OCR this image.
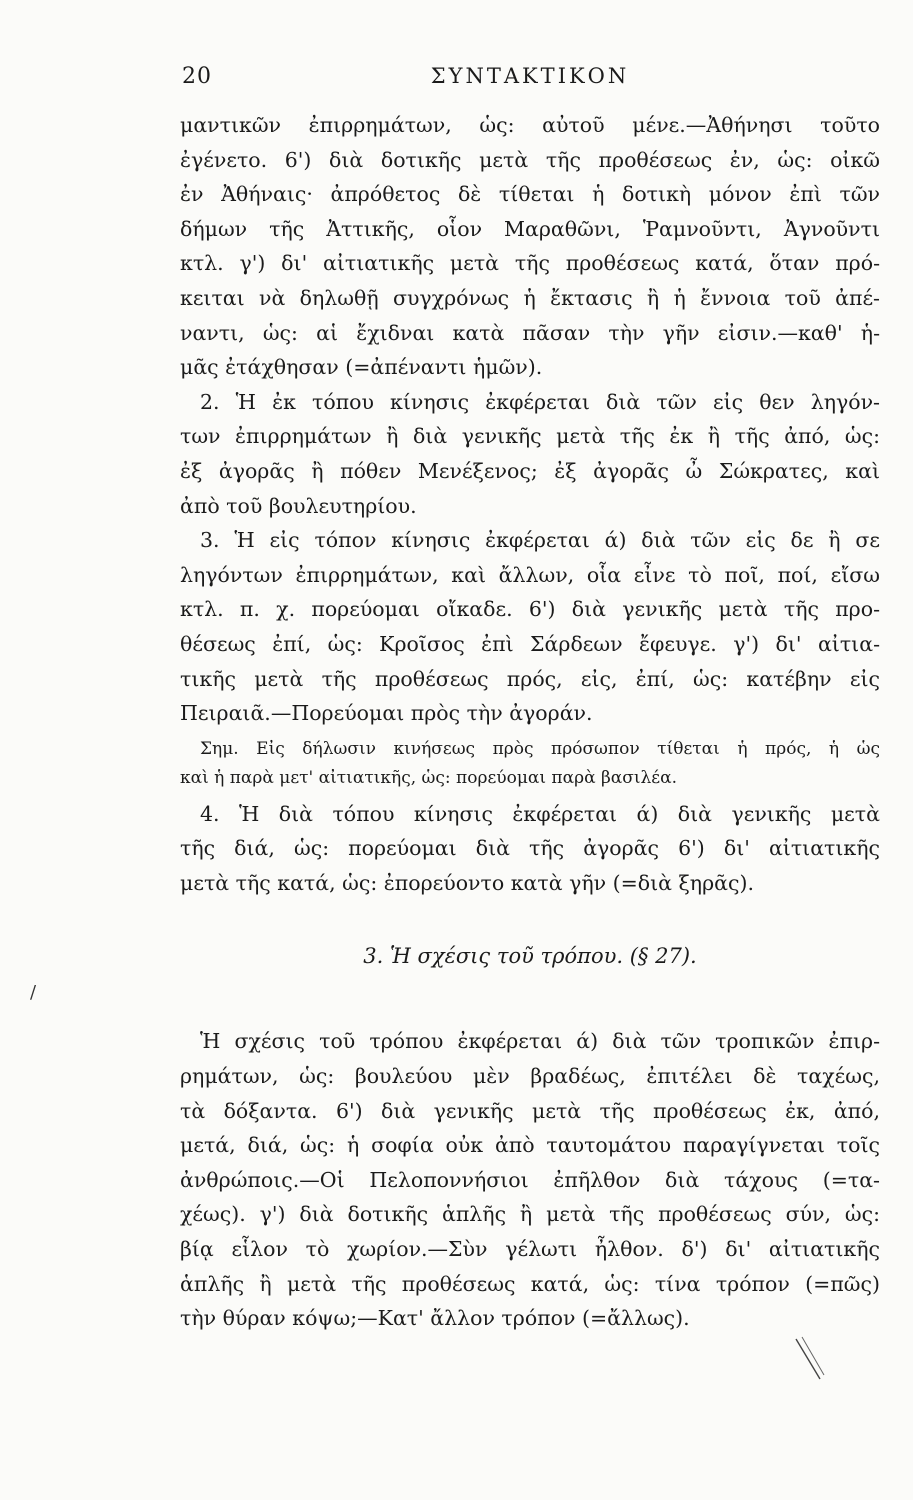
20	ΣΥΝΤΑΚΤΙΚΟΝ
/
μαντικῶν ἐπιρρημάτων, ὡς: αὐτοῦ μένε.—Ἀθήνησι τοῦτο
ἐγένετο. 6') διὰ δοτικῆς μετὰ τῆς προθέσεως ἐν, ὡς: οἰκῶ
ἐν Ἀθήναις· ἀπρόθετος δὲ τίθεται ἡ δοτικὴ μόνον ἐπὶ τῶν
δήμων τῆς Ἀττικῆς, οἷον Μαραθῶνι, Ῥαμνοῦντι, Ἀγνοῦντι
κτλ. γ') δι' αἰτιατικῆς μετὰ τῆς προθέσεως κατά, ὅταν πρό-
κειται νὰ δηλωθῇ συγχρόνως ἡ ἔκτασις ἢ ἡ ἔννοια τοῦ ἀπέ-
ναντι, ὡς: αἱ ἔχιδναι κατὰ πᾶσαν τὴν γῆν εἰσιν.—καθ' ἡ-
μᾶς ἐτάχθησαν (=ἀπέναντι ἡμῶν).
2. Ἡ ἐκ τόπου κίνησις ἐκφέρεται διὰ τῶν εἰς θεν ληγόν-
των ἐπιρρημάτων ἢ διὰ γενικῆς μετὰ τῆς ἐκ ἢ τῆς ἀπό, ὡς:
ἐξ ἀγορᾶς ἢ πόθεν Μενέξενος; ἐξ ἀγορᾶς ὦ Σώκρατες, καὶ
ἀπὸ τοῦ βουλευτηρίου.
3. Ἡ εἰς τόπον κίνησις ἐκφέρεται ά) διὰ τῶν εἰς δε ἢ σε
ληγόντων ἐπιρρημάτων, καὶ ἄλλων, οἷα εἶνε τὸ ποῖ, ποί, εἴσω
κτλ. π. χ. πορεύομαι οἴκαδε. 6') διὰ γενικῆς μετὰ τῆς προ-
θέσεως ἐπί, ὡς: Κροῖσος ἐπὶ Σάρδεων ἔφευγε. γ') δι' αἰτια-
τικῆς μετὰ τῆς προθέσεως πρός, εἰς, ἐπί, ὡς: κατέβην εἰς
Πειραιᾶ.—Πορεύομαι πρὸς τὴν ἀγοράν.
Σημ. Εἰς δήλωσιν κινήσεως πρὸς πρόσωπον τίθεται ἡ πρός, ἡ ὡς
καὶ ἡ παρὰ μετ' αἰτιατικῆς, ὡς: πορεύομαι παρὰ βασιλέα.
4. Ἡ διὰ τόπου κίνησις ἐκφέρεται ά) διὰ γενικῆς μετὰ
τῆς διά, ὡς: πορεύομαι διὰ τῆς ἀγορᾶς 6') δι' αἰτιατικῆς
μετὰ τῆς κατά, ὡς: ἐπορεύοντο κατὰ γῆν (=διὰ ξηρᾶς).
3. Ἡ σχέσις τοῦ τρόπου. (§ 27).
Ἡ σχέσις τοῦ τρόπου ἐκφέρεται ά) διὰ τῶν τροπικῶν ἐπιρ-
ρημάτων, ὡς: βουλεύου μὲν βραδέως, ἐπιτέλει δὲ ταχέως,
τὰ δόξαντα. 6') διὰ γενικῆς μετὰ τῆς προθέσεως ἐκ, ἀπό,
μετά, διά, ὡς: ἡ σοφία οὐκ ἀπὸ ταυτομάτου παραγίγνεται τοῖς
ἀνθρώποις.—Οἱ Πελοποννήσιοι ἐπῆλθον διὰ τάχους (=τα-
χέως). γ') διὰ δοτικῆς ἁπλῆς ἢ μετὰ τῆς προθέσεως σύν, ὡς:
βίᾳ εἷλον τὸ χωρίον.—Σὺν γέλωτι ἦλθον. δ') δι' αἰτιατικῆς
ἁπλῆς ἢ μετὰ τῆς προθέσεως κατά, ὡς: τίνα τρόπον (=πῶς)
τὴν θύραν κόψω;—Κατ' ἄλλον τρόπον (=ἄλλως).
